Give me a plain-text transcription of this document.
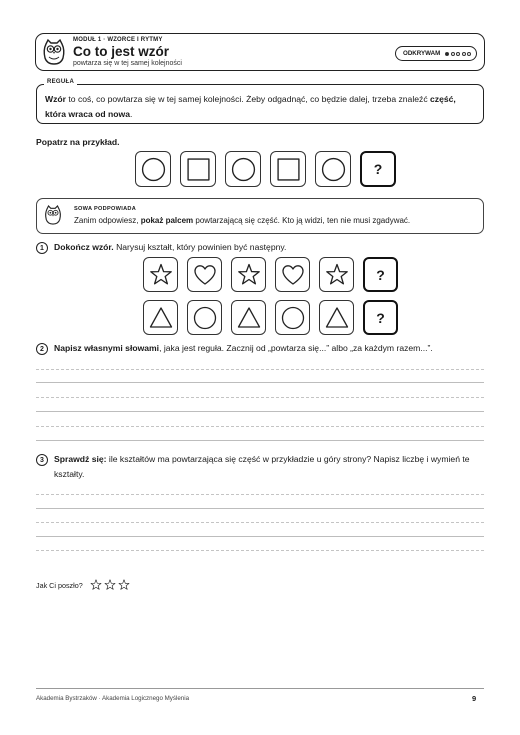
MODUŁ 1 · WZORCE I RYTMY
Co to jest wzór
powtarza się w tej samej kolejności
ODKRYWAM
REGUŁA
Wzór to coś, co powtarza się w tej samej kolejności. Żeby odgadnąć, co będzie dalej, trzeba znaleźć część, która wraca od nowa.
Popatrz na przykład.
?
SOWA PODPOWIADA
Zanim odpowiesz, pokaż palcem powtarzającą się część. Kto ją widzi, ten nie musi zgadywać.
1	Dokończ wzór. Narysuj kształt, który powinien być następny.
?
?
2	Napisz własnymi słowami, jaka jest reguła. Zacznij od „powtarza się...” albo „za każdym razem...”.
3	Sprawdź się: ile kształtów ma powtarzająca się część w przykładzie u góry strony? Napisz liczbę i wymień te kształty.
Jak Ci poszło?
Akademia Bystrzaków · Akademia Logicznego Myślenia	9
